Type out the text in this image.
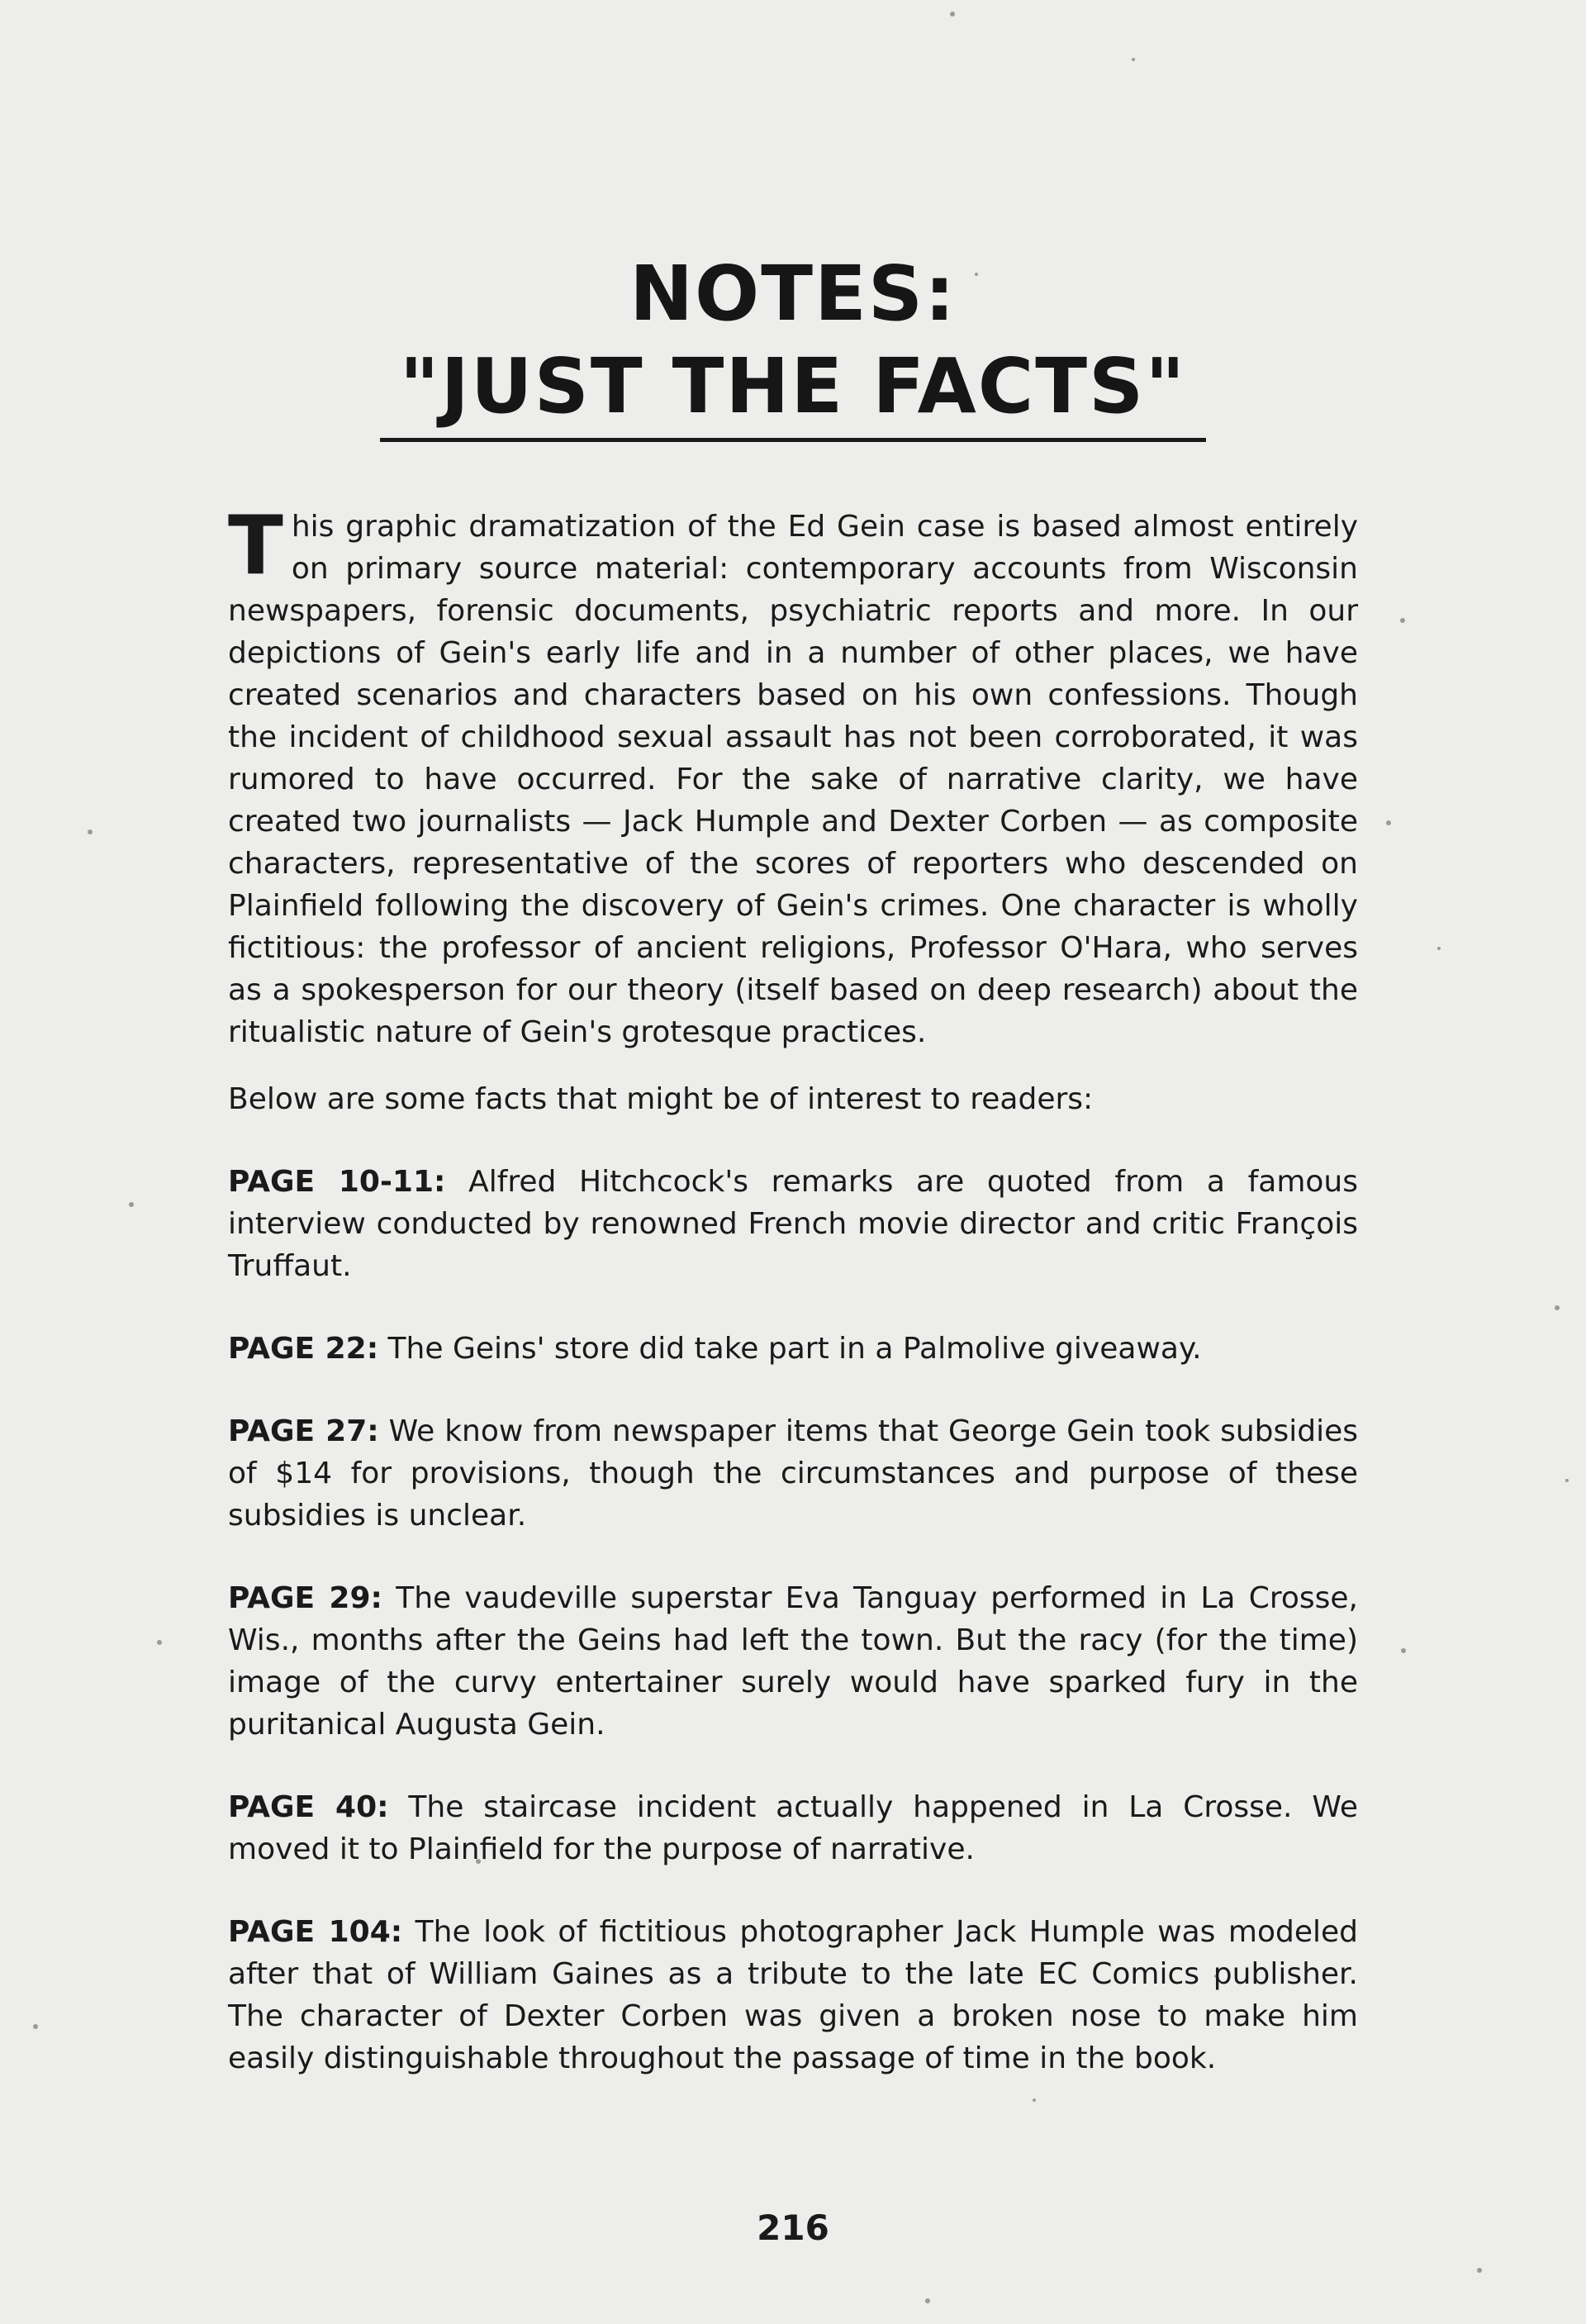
NOTES:
"JUST THE FACTS"

This graphic dramatization of the Ed Gein case is based almost entirely on primary source material: contemporary accounts from Wisconsin newspapers, forensic documents, psychiatric reports and more. In our depictions of Gein's early life and in a number of other places, we have created scenarios and characters based on his own confessions. Though the incident of childhood sexual assault has not been corroborated, it was rumored to have occurred. For the sake of narrative clarity, we have created two journalists — Jack Humple and Dexter Corben — as composite characters, representative of the scores of reporters who descended on Plainfield following the discovery of Gein's crimes. One character is wholly fictitious: the professor of ancient religions, Professor O'Hara, who serves as a spokesperson for our theory (itself based on deep research) about the ritualistic nature of Gein's grotesque practices.

Below are some facts that might be of interest to readers:

PAGE 10-11: Alfred Hitchcock's remarks are quoted from a famous interview conducted by renowned French movie director and critic François Truffaut.

PAGE 22: The Geins' store did take part in a Palmolive giveaway.

PAGE 27: We know from newspaper items that George Gein took subsidies of $14 for provisions, though the circumstances and purpose of these subsidies is unclear.

PAGE 29: The vaudeville superstar Eva Tanguay performed in La Crosse, Wis., months after the Geins had left the town. But the racy (for the time) image of the curvy entertainer surely would have sparked fury in the puritanical Augusta Gein.

PAGE 40: The staircase incident actually happened in La Crosse. We moved it to Plainfield for the purpose of narrative.

PAGE 104: The look of fictitious photographer Jack Humple was modeled after that of William Gaines as a tribute to the late EC Comics publisher. The character of Dexter Corben was given a broken nose to make him easily distinguishable throughout the passage of time in the book.

216
